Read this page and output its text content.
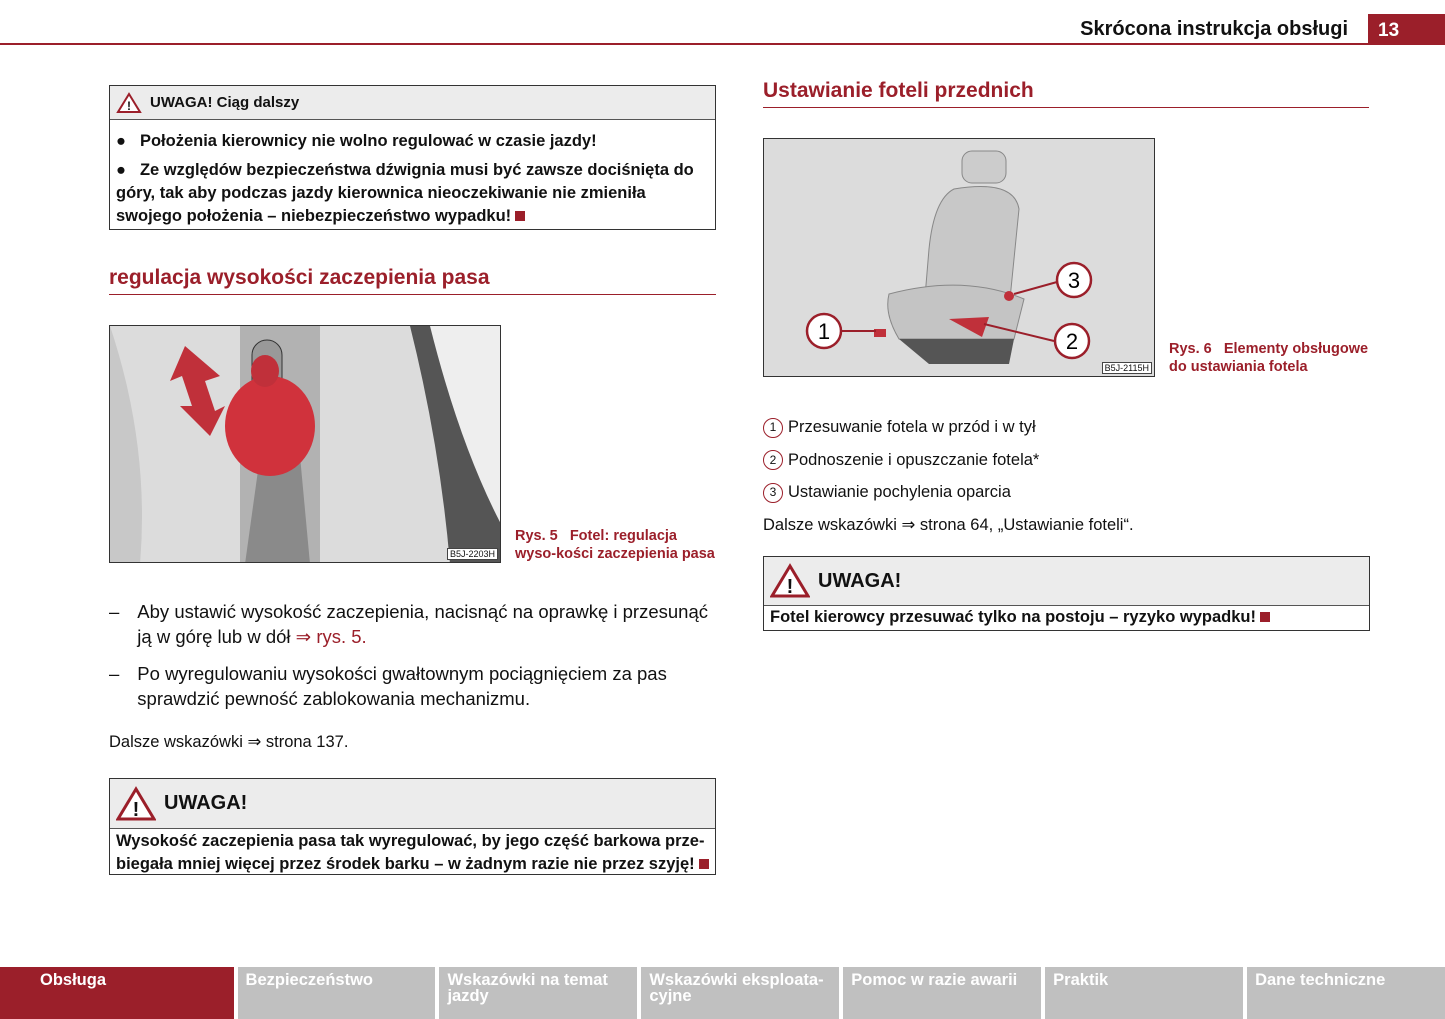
Skrócona instrukcja obsługi	13
! UWAGA! Ciąg dalszy
● Położenia kierownicy nie wolno regulować w czasie jazdy!
● Ze względów bezpieczeństwa dźwignia musi być zawsze dociśnięta do góry, tak aby podczas jazdy kierownica nieoczekiwanie nie zmieniła swojego położenia – niebezpieczeństwo wypadku!
regulacja wysokości zaczepienia pasa
B5J-2203H
Rys. 5 Fotel: regulacja wyso-kości zaczepienia pasa
– Aby ustawić wysokość zaczepienia, nacisnąć na oprawkę i przesunąć ją w górę lub w dół ⇒ rys. 5.
– Po wyregulowaniu wysokości gwałtownym pociągnięciem za pas sprawdzić pewność zablokowania mechanizmu.
Dalsze wskazówki ⇒ strona 137.
! UWAGA!
Wysokość zaczepienia pasa tak wyregulować, by jego część barkowa prze-biegała mniej więcej przez środek barku – w żadnym razie nie przez szyję!
Ustawianie foteli przednich
1	2
3
B5J-2115H
Rys. 6 Elementy obsługowe do ustawiania fotela
1 Przesuwanie fotela w przód i w tył
2 Podnoszenie i opuszczanie fotela*
3 Ustawianie pochylenia oparcia
Dalsze wskazówki ⇒ strona 64, „Ustawianie foteli“.
! UWAGA!
Fotel kierowcy przesuwać tylko na postoju – ryzyko wypadku!
Obsługa	Bezpieczeństwo	Wskazówki na temat jazdy
Wskazówki eksploata-cyjne
Pomoc w razie awarii	Praktik	Dane techniczne
